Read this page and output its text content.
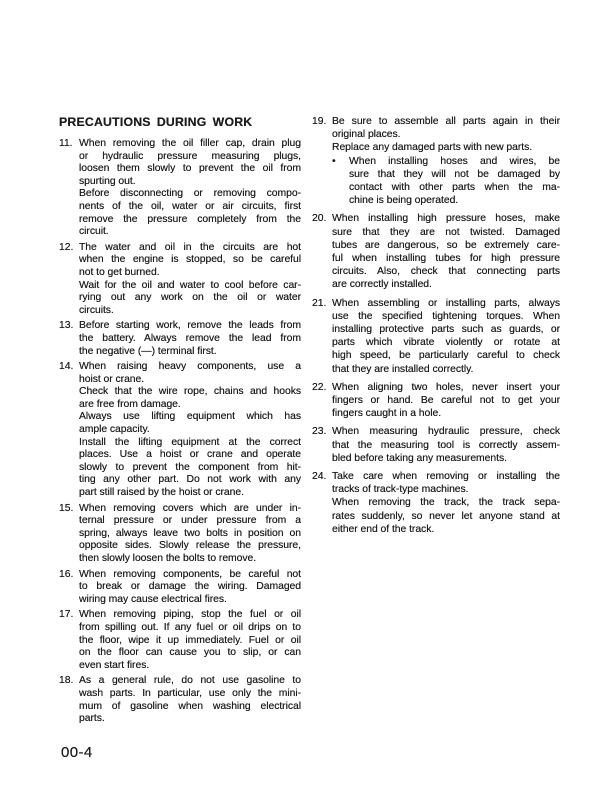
PRECAUTIONS DURING WORK
11. When removing the oil filler cap, drain plug
or hydraulic pressure measuring plugs,
loosen them slowly to prevent the oil from
spurting out.
Before disconnecting or removing compo-
nents of the oil, water or air circuits, first
remove the pressure completely from the
circuit.
12. The water and oil in the circuits are hot
when the engine is stopped, so be careful
not to get burned.
Wait for the oil and water to cool before car-
rying out any work on the oil or water
circuits.
13. Before starting work, remove the leads from
the battery. Always remove the lead from
the negative (—) terminal first.
14. When raising heavy components, use a
hoist or crane.
Check that the wire rope, chains and hooks
are free from damage.
Always use lifting equipment which has
ample capacity.
Install the lifting equipment at the correct
places. Use a hoist or crane and operate
slowly to prevent the component from hit-
ting any other part. Do not work with any
part still raised by the hoist or crane.
15. When removing covers which are under in-
ternal pressure or under pressure from a
spring, always leave two bolts in position on
opposite sides. Slowly release the pressure,
then slowly loosen the bolts to remove.
16. When removing components, be careful not
to break or damage the wiring. Damaged
wiring may cause electrical fires.
17. When removing piping, stop the fuel or oil
from spilling out. If any fuel or oil drips on to
the floor, wipe it up immediately. Fuel or oil
on the floor can cause you to slip, or can
even start fires.
18. As a general rule, do not use gasoline to
wash parts. In particular, use only the mini-
mum of gasoline when washing electrical
parts.
19. Be sure to assemble all parts again in their
original places.
Replace any damaged parts with new parts.
•	When installing hoses and wires, be
sure that they will not be damaged by
contact with other parts when the ma-
chine is being operated.
20. When installing high pressure hoses, make
sure that they are not twisted. Damaged
tubes are dangerous, so be extremely care-
ful when installing tubes for high pressure
circuits. Also, check that connecting parts
are correctly installed.
21. When assembling or installing parts, always
use the specified tightening torques. When
installing protective parts such as guards, or
parts which vibrate violently or rotate at
high speed, be particularly careful to check
that they are installed correctly.
22. When aligning two holes, never insert your
fingers or hand. Be careful not to get your
fingers caught in a hole.
23. When measuring hydraulic pressure, check
that the measuring tool is correctly assem-
bled before taking any measurements.
24. Take care when removing or installing the
tracks of track-type machines.
When removing the track, the track sepa-
rates suddenly, so never let anyone stand at
either end of the track.
00-4
